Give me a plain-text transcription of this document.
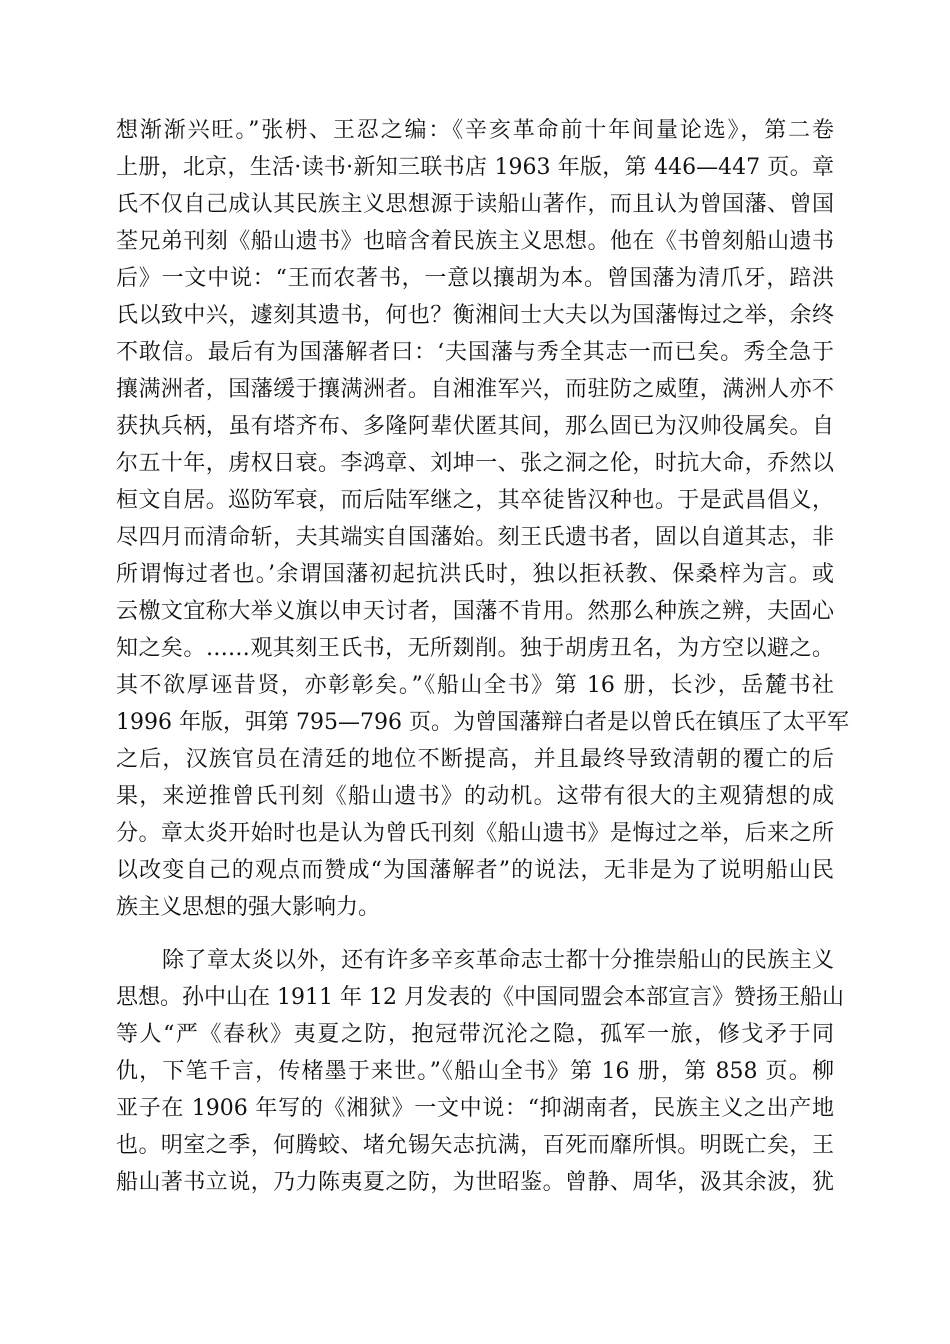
想渐渐兴旺。”张枬、王忍之编：《辛亥革命前十年间量论选》，第二卷
上册，北京，生活·读书·新知三联书店 1963 年版，第 446—447 页。章
氏不仅自己成认其民族主义思想源于读船山著作，而且认为曾国藩、曾国
荃兄弟刊刻《船山遗书》也暗含着民族主义思想。他在《书曾刻船山遗书
后》一文中说：“王而农著书，一意以攘胡为本。曾国藩为清爪牙，踣洪
氏以致中兴，遽刻其遗书，何也？衡湘间士大夫以为国藩悔过之举，余终
不敢信。最后有为国藩解者曰：‘夫国藩与秀全其志一而已矣。秀全急于
攘满洲者，国藩缓于攘满洲者。自湘淮军兴，而驻防之威堕，满洲人亦不
获执兵柄，虽有塔齐布、多隆阿辈伏匿其间，那么固已为汉帅役属矣。自
尔五十年，虏权日衰。李鸿章、刘坤一、张之洞之伦，时抗大命，乔然以
桓文自居。巡防军衰，而后陆军继之，其卒徒皆汉种也。于是武昌倡义，
尽四月而清命斩，夫其端实自国藩始。刻王氏遗书者，固以自道其志，非
所谓悔过者也。’余谓国藩初起抗洪氏时，独以拒袄教、保桑梓为言。或
云檄文宜称大举义旗以申天讨者，国藩不肯用。然那么种族之辨，夫固心
知之矣。……观其刻王氏书，无所剟削。独于胡虏丑名，为方空以避之。
其不欲厚诬昔贤，亦彰彰矣。”《船山全书》第 16 册，长沙，岳麓书社
1996 年版，弭第 795—796 页。为曾国藩辩白者是以曾氏在镇压了太平军
之后，汉族官员在清廷的地位不断提高，并且最终导致清朝的覆亡的后
果，来逆推曾氏刊刻《船山遗书》的动机。这带有很大的主观猜想的成
分。章太炎开始时也是认为曾氏刊刻《船山遗书》是悔过之举，后来之所
以改变自己的观点而赞成“为国藩解者”的说法，无非是为了说明船山民
族主义思想的强大影响力。
除了章太炎以外，还有许多辛亥革命志士都十分推崇船山的民族主义
思想。孙中山在 1911 年 12 月发表的《中国同盟会本部宣言》赞扬王船山
等人“严《春秋》夷夏之防，抱冠带沉沦之隐，孤军一旅，修戈矛于同
仇，下笔千言，传楮墨于来世。”《船山全书》第 16 册，第 858 页。柳
亚子在 1906 年写的《湘狱》一文中说：“抑湖南者，民族主义之出产地
也。明室之季，何腾蛟、堵允锡矢志抗满，百死而靡所惧。明既亡矣，王
船山著书立说，乃力陈夷夏之防，为世昭鉴。曾静、周华，汲其余波，犹
